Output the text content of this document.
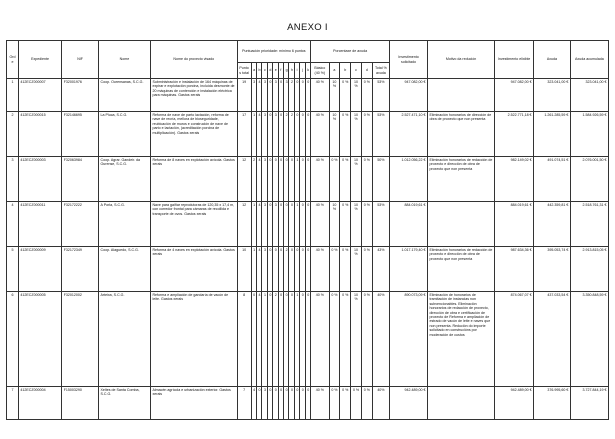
ANEXO I
Orde	Expediente	NIF	Nome	Nome do proxecto visado	Puntuación prioridade: mínimo 6 puntos												Porcentaxe de axuda						Investimento solicitado	Motivo da redución	Investimento elixible	Axuda	Axuda acumulada
					Puntos total	a	b	c	d	e	f	g	h	i	j	k	Básico (40 %)	a	b	c	d	Total % axuda					
1	412ECZ000007	F32001976	Coop. Ourensanas, S.C.G.	Subministración e instalación de 164 máquinas de expirar e explotación porcina, incluída desmonte de 20 máquinas de contención e instalación eléctrica para máquinas. Gastos xerais	19	3	4	3	0	3	0	3	2	0	0	0	40 %	10 %	0 %	10 %	0 %	53%	947.082,00 €		947.082,00 €	323.041,00 €	323.041,00 €
2	412ECZ000015	F32146695	La Pluca, S.C.G.	Reforma de nave de parto lactación, reforma de nave de recría, mellora de bioseguridade, reubicación de muros e construción de nave de parto e lactación, (acreditación porcina de multiplicación). Gastos xerais	17	1	4	3	0	3	0	2	2	0	0	0	40 %	10 %	0 %	10 %	0 %	53%	2.527.471,10 €	Eliminación honorarios de dirección de obra de proxecto que non presenta	2.522.771,18 €	1.261.285,59 €	1.584.926,59 €
3	412ECZ000003	F32063984	Coop. Agrar. Gandeir. da Ourense, S.C.G.	Reforma de 8 naves en explotación avícola. Gastos xerais	12	2	4	3	0	0	0	0	0	1	0	0	40 %	0 %	0 %	10 %	0 %	50%	1.012.056,22 €	Eliminación honorarios de redacción de proxecto e dirección de obra de proxecto que non presenta	982.149,02 €	491.074,51 €	2.076.001,50 €
4	412ECZ000011	F32172222	A Porla, S.C.G.	Nave para gaiñar reprodutoras de 120,35 x 17,4 m, con corredor frontal para cámaras de recollida e transporte de ovos. Gastos xerais	12	1	4	3	0	3	0	0	0	1	0	0	40 %	10 %	0 %	10 %	0 %	53%	884.019,61 €		884.019,61 €	442.359,81 €	2.518.761,31 €
5	412ECZ000009	F32172349	Coop. Alaguedo, S.C.G.	Reforma de 4 naves en explotación avícola. Gastos xerais	10	1	4	3	0	0	0	2	0	0	0	0	40 %	0 %	0 %	10 %	0 %	43%	1.017.179,40 €	Eliminación honorarios de redacción de proxecto e dirección de obra de proxecto que non presenta	987.634,36 €	395.053,74 €	2.913.815,05 €
6	412ECZ000005	F32012002	Arteixa, S.C.G.	Reforma e ampliación de gandaría de vacún de leite. Gastos xerais	8	0	4	1	0	2	0	0	0	1	0	0	40 %	0 %	0 %	10 %	0 %	40%	890.073,09 €	Eliminación de honorarios de tramitación de instancias non subvencionables. Eliminación honorarios de redacción de proxecto, dirección de obra e certificación de proxecto de Reforma e ampliación de estrado de vacún de leite e naves que non presenta. Redución do importe solicitado en construcións por moderación de custos	874.067,07 €	437.033,54 €	3.350.848,59 €
7	412ECZ000004	F15003290	Xeltes de Santa Comba, S.C.G.	Almacén agrícola e urbanización exterior. Gastos xerais	7	4	0	3	0	0	0	0	0	0	0	0	40 %	0 %	0 %	0 %	0 %	40%	942.489,00 €		942.489,00 €	376.995,60 €	3.727.844,19 €
